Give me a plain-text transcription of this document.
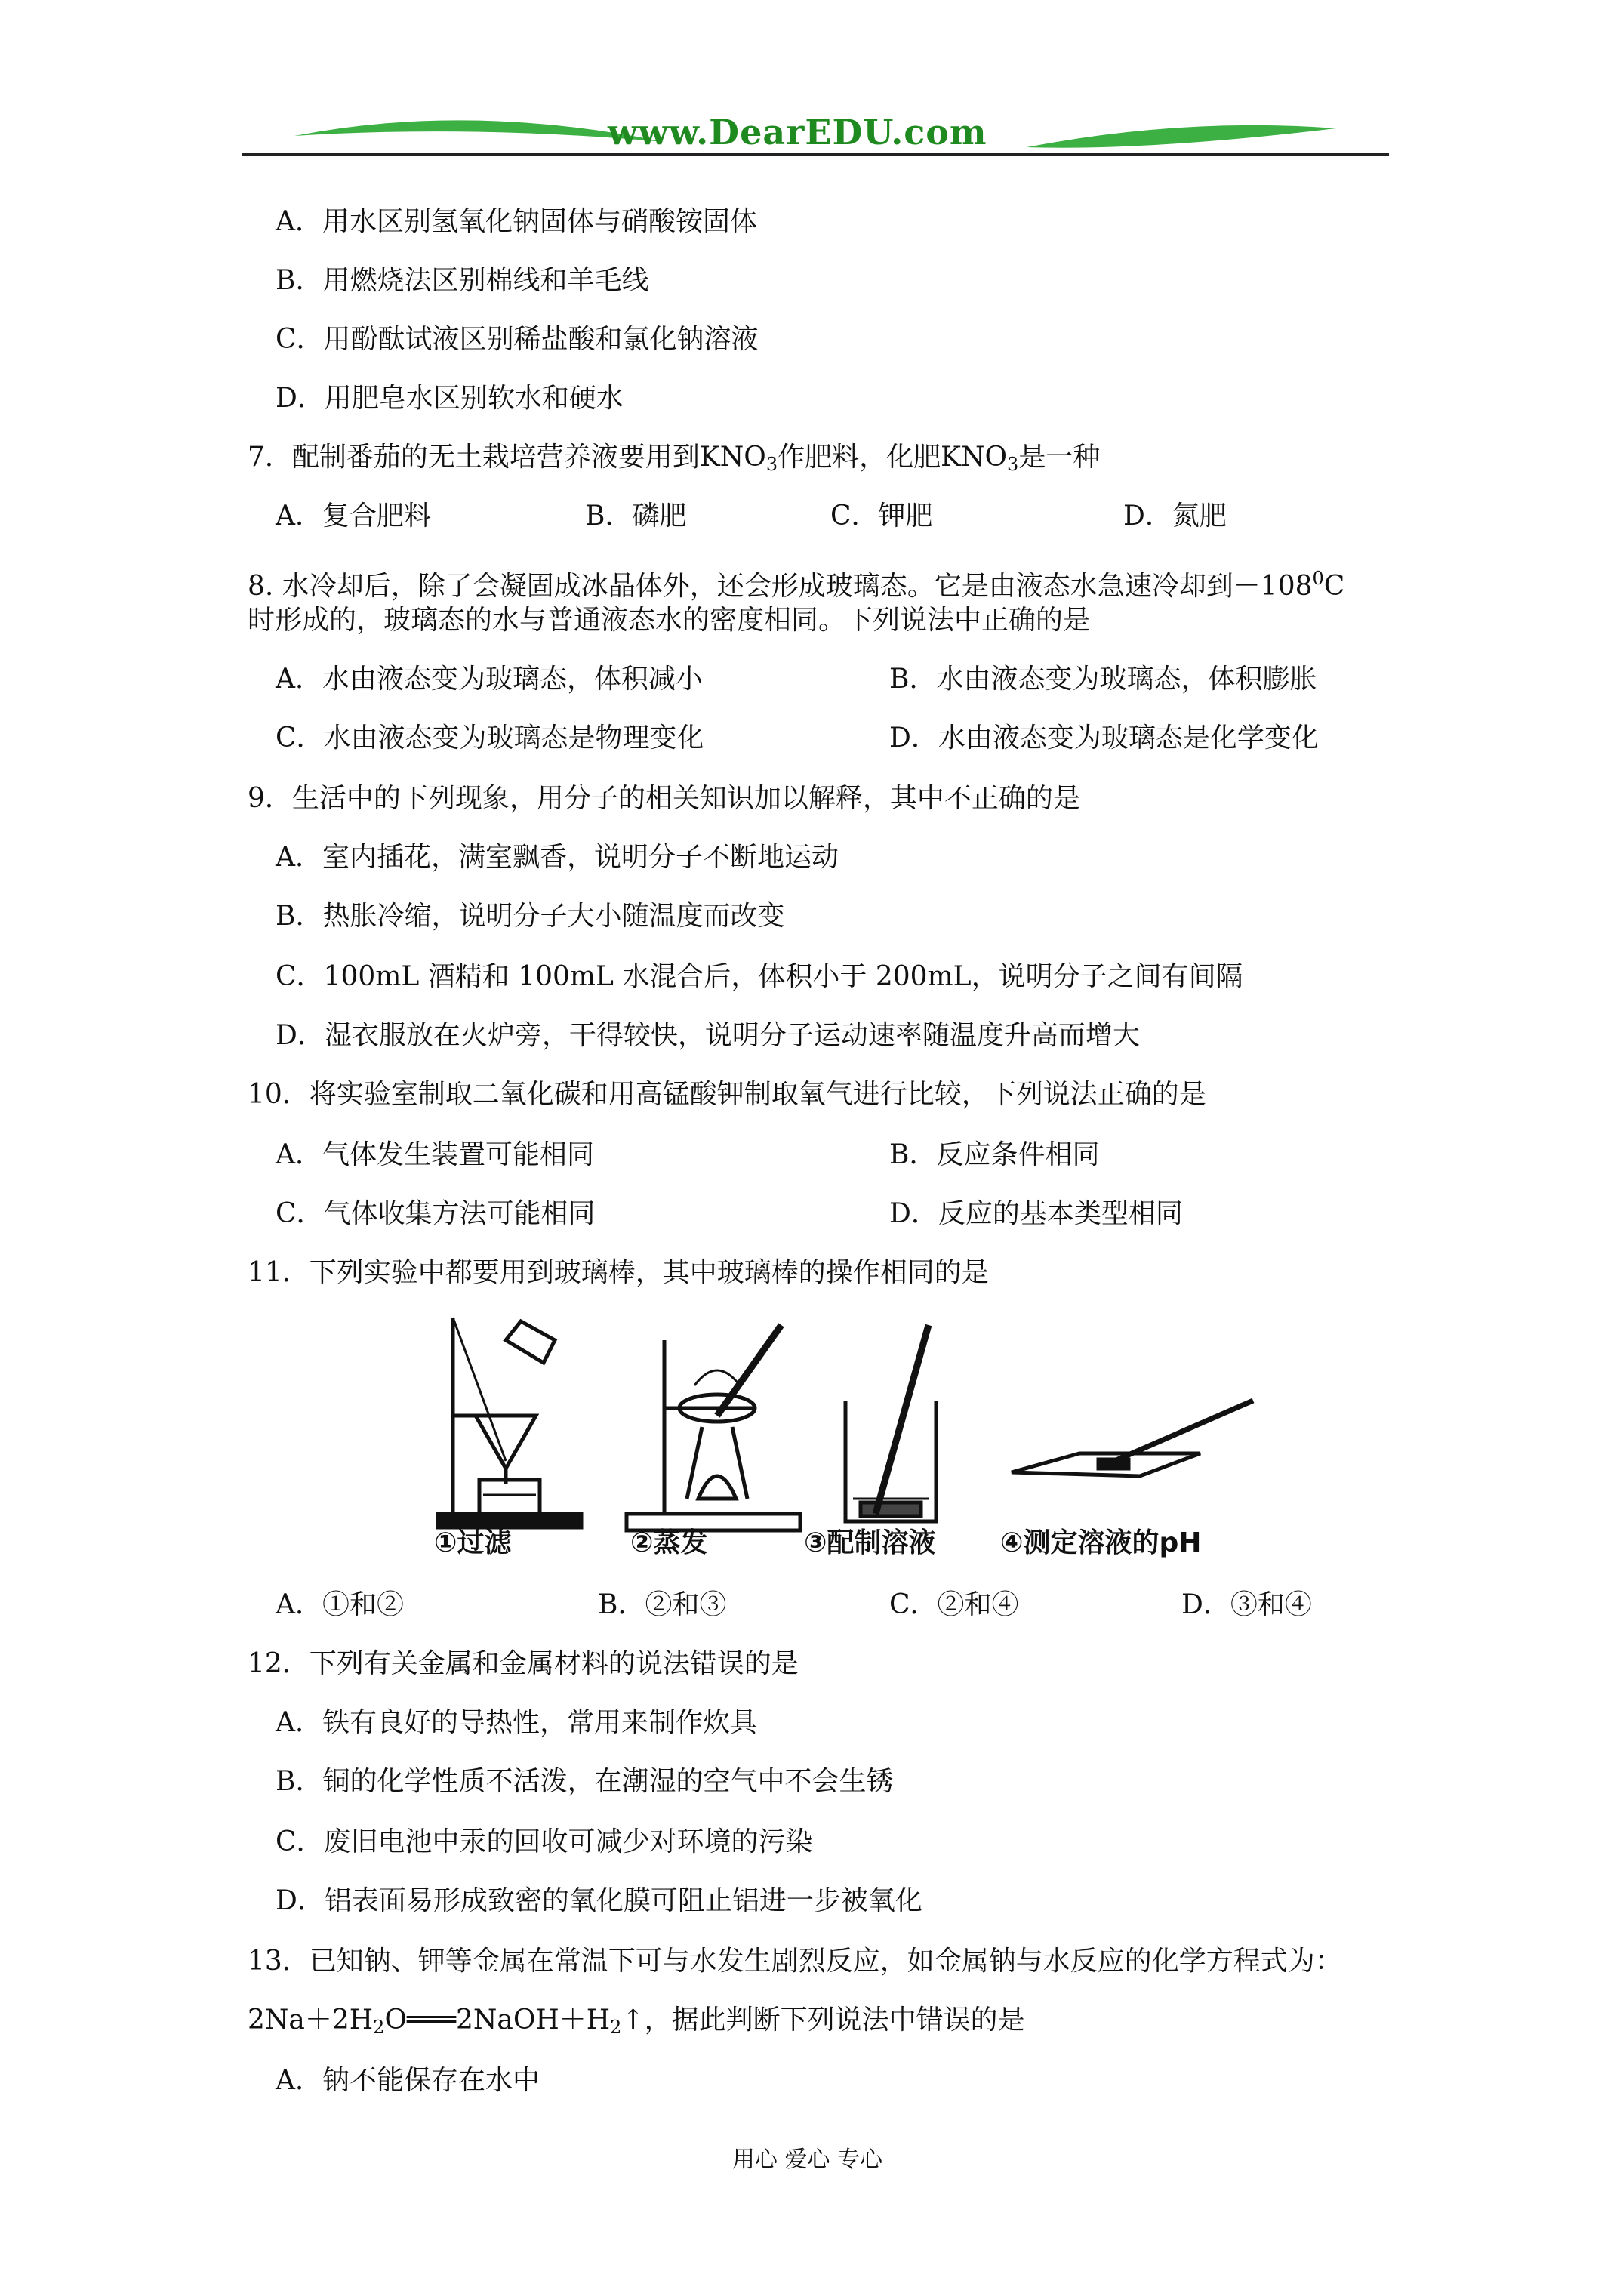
www.DearEDU.com
A．用水区别氢氧化钠固体与硝酸铵固体
B．用燃烧法区别棉线和羊毛线
C．用酚酞试液区别稀盐酸和氯化钠溶液
D．用肥皂水区别软水和硬水
7．配制番茄的无土栽培营养液要用到$KNO_3$作肥料，化肥$KNO_3$是一种
A．复合肥料	B．磷肥	C．钾肥	D．氮肥
8. 水冷却后，除了会凝固成冰晶体外，还会形成玻璃态。它是由液态水急速冷却到$-108^0C$
时形成的，玻璃态的水与普通液态水的密度相同。下列说法中正确的是
A．水由液态变为玻璃态，体积减小	B．水由液态变为玻璃态，体积膨胀
C．水由液态变为玻璃态是物理变化	D．水由液态变为玻璃态是化学变化
9．生活中的下列现象，用分子的相关知识加以解释，其中不正确的是
A．室内插花，满室飘香，说明分子不断地运动
B．热胀冷缩，说明分子大小随温度而改变
C．100mL 酒精和 100mL 水混合后，体积小于 200mL，说明分子之间有间隔
D．湿衣服放在火炉旁，干得较快，说明分子运动速率随温度升高而增大
10．将实验室制取二氧化碳和用高锰酸钾制取氧气进行比较，下列说法正确的是
A．气体发生装置可能相同	B．反应条件相同
C．气体收集方法可能相同	D．反应的基本类型相同
11．下列实验中都要用到玻璃棒，其中玻璃棒的操作相同的是
①过滤	②蒸发	③配制溶液 ④测定溶液的pH
A．①和②	B．②和③	C．②和④	D．③和④
12．下列有关金属和金属材料的说法错误的是
A．铁有良好的导热性，常用来制作炊具
B．铜的化学性质不活泼，在潮湿的空气中不会生锈
C．废旧电池中汞的回收可减少对环境的污染
D．铝表面易形成致密的氧化膜可阻止铝进一步被氧化
13．已知钠、钾等金属在常温下可与水发生剧烈反应，如金属钠与水反应的化学方程式为：
$2Na+2H_2O═══2NaOH+H_2↑$，据此判断下列说法中错误的是
A．钠不能保存在水中
用心 爱心 专心
